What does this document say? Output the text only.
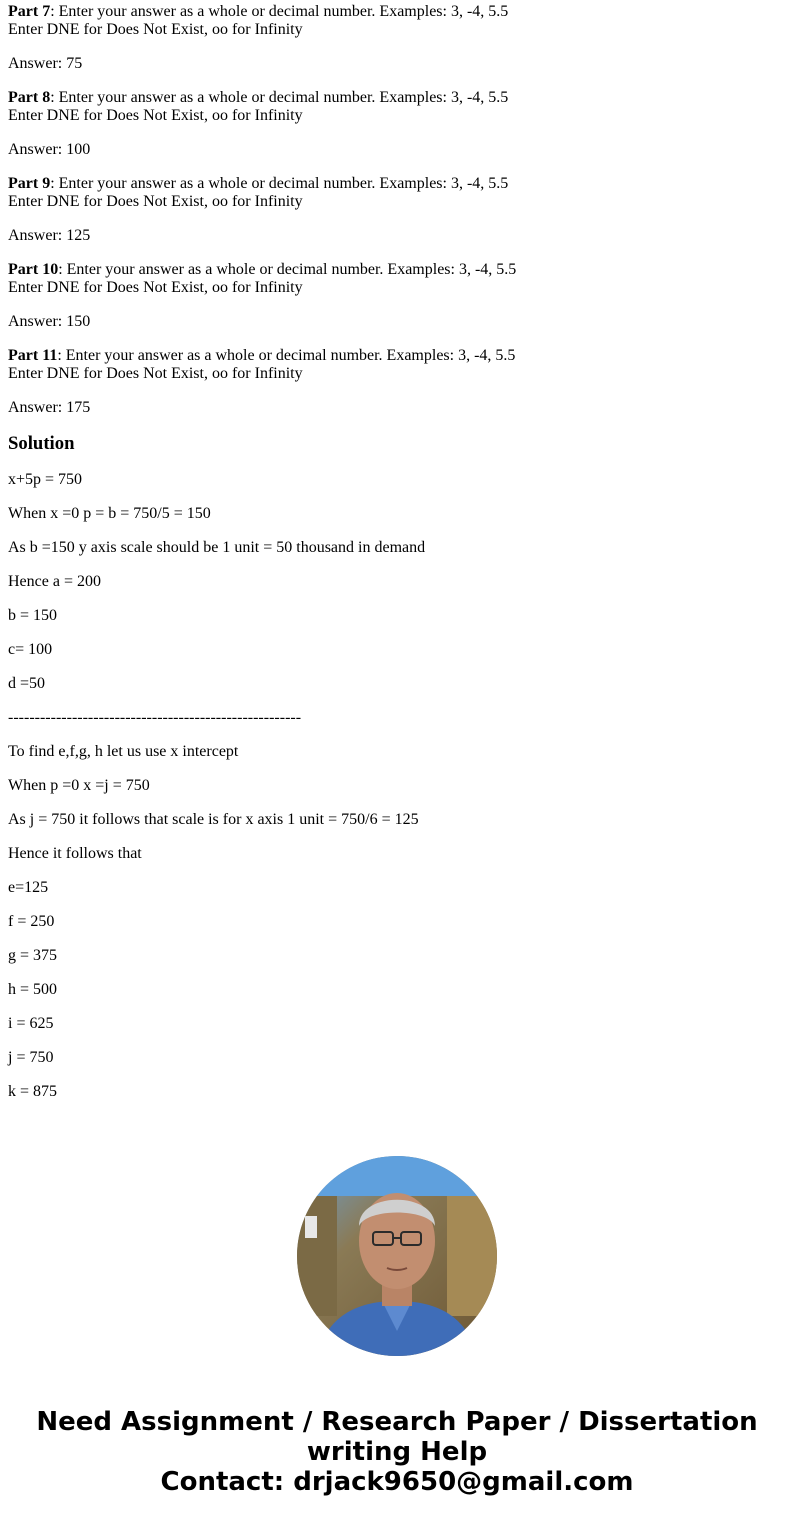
Part 7: Enter your answer as a whole or decimal number. Examples: 3, -4, 5.5
Enter DNE for Does Not Exist, oo for Infinity

Answer: 75

Part 8: Enter your answer as a whole or decimal number. Examples: 3, -4, 5.5
Enter DNE for Does Not Exist, oo for Infinity

Answer: 100

Part 9: Enter your answer as a whole or decimal number. Examples: 3, -4, 5.5
Enter DNE for Does Not Exist, oo for Infinity

Answer: 125

Part 10: Enter your answer as a whole or decimal number. Examples: 3, -4, 5.5
Enter DNE for Does Not Exist, oo for Infinity

Answer: 150

Part 11: Enter your answer as a whole or decimal number. Examples: 3, -4, 5.5
Enter DNE for Does Not Exist, oo for Infinity

Answer: 175

Solution

x+5p = 750

When x =0 p = b = 750/5 = 150

As b =150 y axis scale should be 1 unit = 50 thousand in demand

Hence a = 200

b = 150

c= 100

d =50

-------------------------------------------------------

To find e,f,g, h let us use x intercept

When p =0 x =j = 750

As j = 750 it follows that scale is for x axis 1 unit = 750/6 = 125

Hence it follows that

e=125

f = 250

g = 375

h = 500

i = 625

j = 750

k = 875

Need Assignment / Research Paper / Dissertation
writing Help
Contact: drjack9650@gmail.com
